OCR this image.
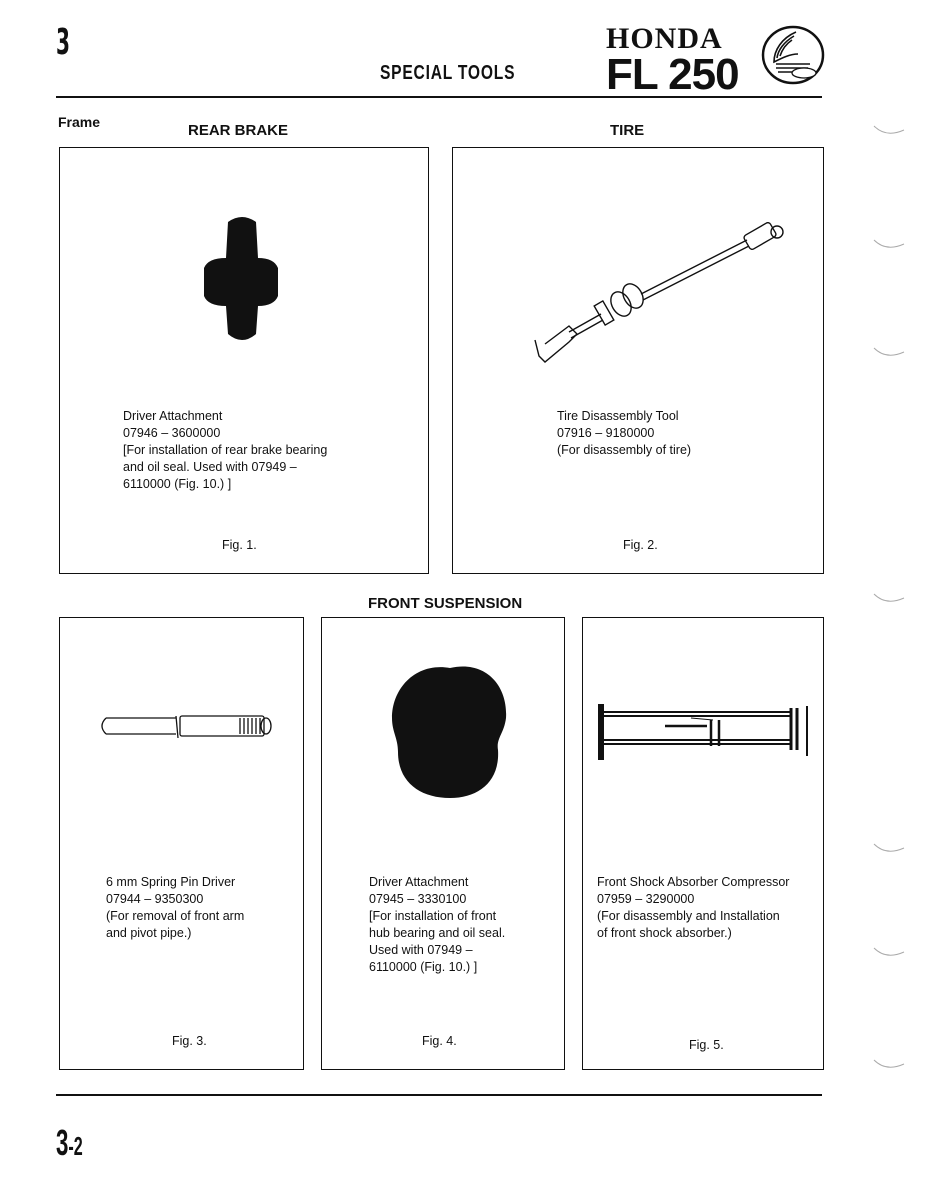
3
SPECIAL TOOLS
HONDA
FL 250
Frame	REAR BRAKE	TIRE
Driver Attachment
07946 – 3600000
[For installation of rear brake bearing
and oil seal. Used with 07949 –
6110000 (Fig. 10.) ]
Fig. 1.
Tire Disassembly Tool
07916 – 9180000
(For disassembly of tire)
Fig. 2.
FRONT SUSPENSION
6 mm Spring Pin Driver
07944 – 9350300
(For removal of front arm
and pivot pipe.)
Fig. 3.
Driver Attachment
07945 – 3330100
[For installation of front
hub bearing and oil seal.
Used with 07949 –
6110000 (Fig. 10.) ]
Fig. 4.
Front Shock Absorber Compressor
07959 – 3290000
(For disassembly and Installation
of front shock absorber.)
Fig. 5.
3-2
